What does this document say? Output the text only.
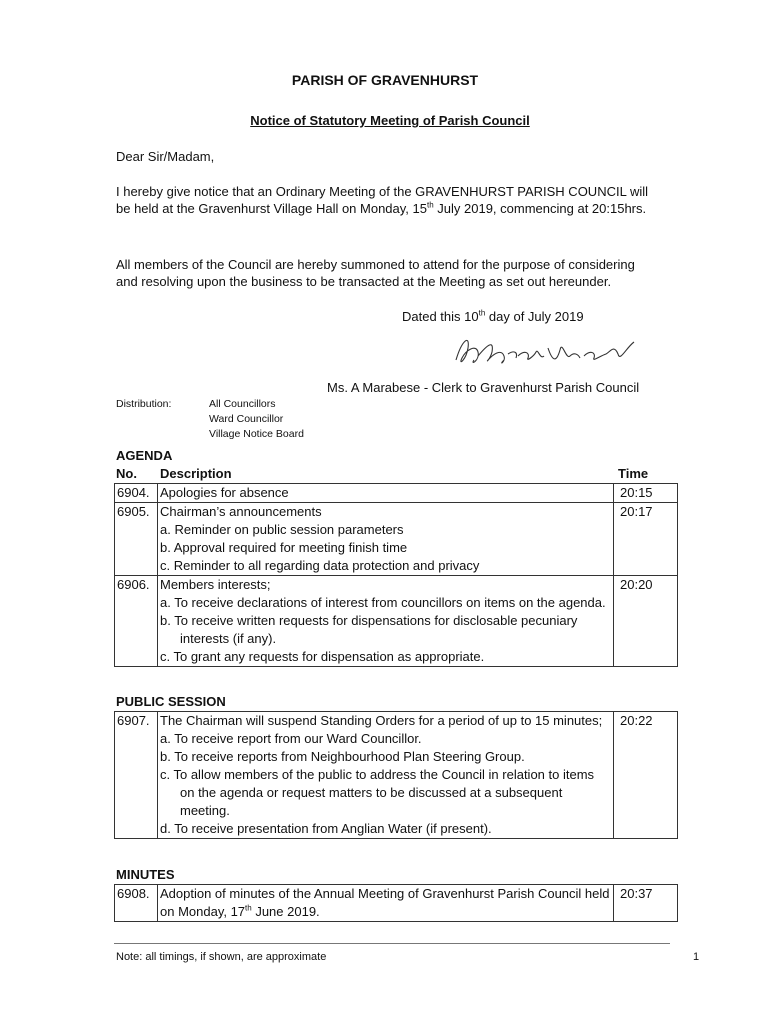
PARISH OF GRAVENHURST
Notice of Statutory Meeting of Parish Council
Dear Sir/Madam,
I hereby give notice that an Ordinary Meeting of the GRAVENHURST PARISH COUNCIL will be held at the Gravenhurst Village Hall on Monday, 15th July 2019, commencing at 20:15hrs.
All members of the Council are hereby summoned to attend for the purpose of considering and resolving upon the business to be transacted at the Meeting as set out hereunder.
Dated this 10th day of July 2019
Ms. A Marabese - Clerk to Gravenhurst Parish Council
Distribution:	All Councillors
Ward Councillor
Village Notice Board
AGENDA
No. Description	Time
6904.	Apologies for absence	20:15
6905.	Chairman’s announcements
a. Reminder on public session parameters
b. Approval required for meeting finish time
c. Reminder to all regarding data protection and privacy	20:17
6906.	Members interests;
a. To receive declarations of interest from councillors on items on the agenda.
b. To receive written requests for dispensations for disclosable pecuniary interests (if any).
c. To grant any requests for dispensation as appropriate.	20:20
PUBLIC SESSION
6907.	The Chairman will suspend Standing Orders for a period of up to 15 minutes;
a. To receive report from our Ward Councillor.
b. To receive reports from Neighbourhood Plan Steering Group.
c. To allow members of the public to address the Council in relation to items on the agenda or request matters to be discussed at a subsequent meeting.
d. To receive presentation from Anglian Water (if present).
	20:22
MINUTES
6908.	Adoption of minutes of the Annual Meeting of Gravenhurst Parish Council held on Monday, 17th June 2019.	20:37
Note: all timings, if shown, are approximate	1
